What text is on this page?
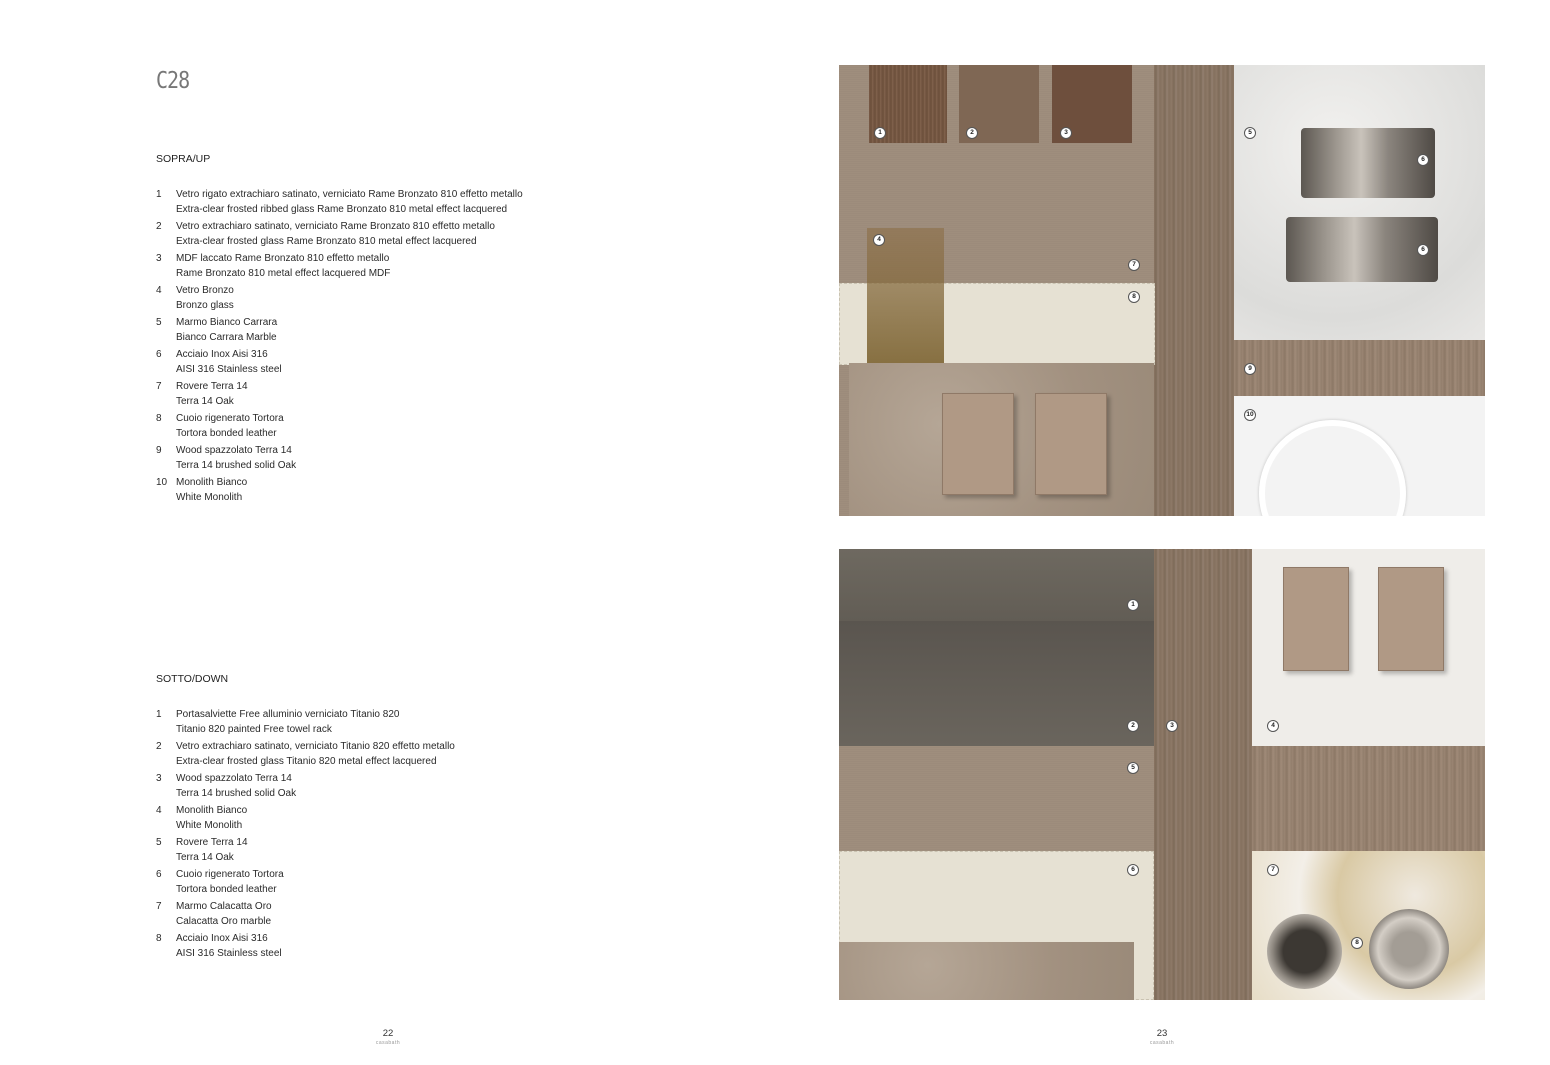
C28
SOPRA/UP
1 Vetro rigato extrachiaro satinato, verniciato Rame Bronzato 810 effetto metallo
Extra-clear frosted ribbed glass Rame Bronzato 810 metal effect lacquered
2 Vetro extrachiaro satinato, verniciato Rame Bronzato 810 effetto metallo
Extra-clear frosted glass Rame Bronzato 810 metal effect lacquered
3 MDF laccato Rame Bronzato 810 effetto metallo
Rame Bronzato 810 metal effect lacquered MDF
4 Vetro Bronzo
Bronzo glass
5 Marmo Bianco Carrara
Bianco Carrara Marble
6 Acciaio Inox Aisi 316
AISI 316 Stainless steel
7 Rovere Terra 14
Terra 14 Oak
8 Cuoio rigenerato Tortora
Tortora bonded leather
9 Wood spazzolato Terra 14
Terra 14 brushed solid Oak
10 Monolith Bianco
White Monolith
SOTTO/DOWN
1 Portasalviette Free alluminio verniciato Titanio 820
Titanio 820 painted Free towel rack
2 Vetro extrachiaro satinato, verniciato Titanio 820 effetto metallo
Extra-clear frosted glass Titanio 820 metal effect lacquered
3 Wood spazzolato Terra 14
Terra 14 brushed solid Oak
4 Monolith Bianco
White Monolith
5 Rovere Terra 14
Terra 14 Oak
6 Cuoio rigenerato Tortora
Tortora bonded leather
7 Marmo Calacatta Oro
Calacatta Oro marble
8 Acciaio Inox Aisi 316
AISI 316 Stainless steel
22
casabath
23
casabath
1	2	3
4
5
6
6
7
8
9
10
1
2	3	4
5
6	7
8
